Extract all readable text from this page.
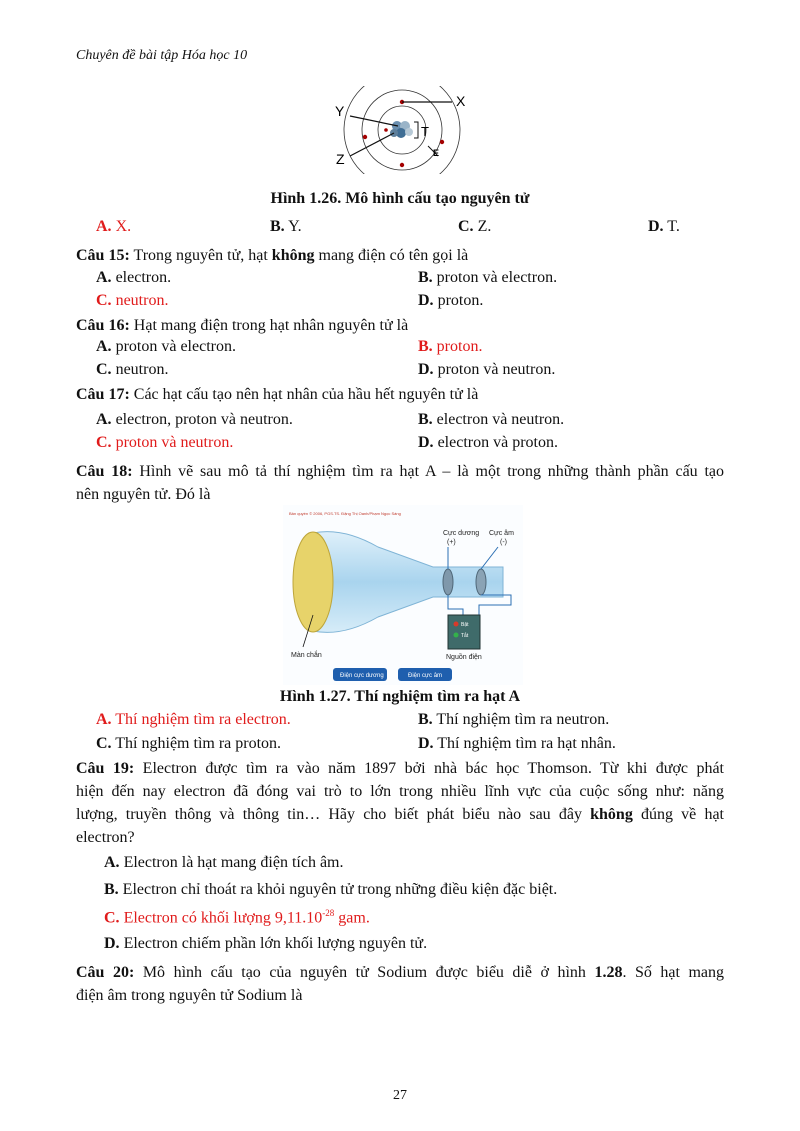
Chuyên đề bài tập Hóa học 10
X
Y
Z
T
E
Hình 1.26. Mô hình cấu tạo nguyên tử
A. X.	B. Y.	C. Z.	D. T.
Câu 15: Trong nguyên tử, hạt không mang điện có tên gọi là
A. electron.	B. proton và electron.
C. neutron.	D. proton.
Câu 16: Hạt mang điện trong hạt nhân nguyên tử là
A. proton và electron.	B. proton.
C. neutron.	D. proton và neutron.
Câu 17: Các hạt cấu tạo nên hạt nhân của hầu hết nguyên tử là
A. electron, proton và neutron.	B. electron và neutron.
C. proton và neutron.	D. electron và proton.
Câu 18: Hình vẽ sau mô tả thí nghiệm tìm ra hạt A – là một trong những thành phần cấu tạo
nên nguyên tử. Đó là
Bản quyền © 2006, PGS.TS. Đặng Thị Oanh/Phạm Ngọc Sáng
Cực dương
(+)
Cực âm
(-)
Bật
Tắt
Nguồn điện
Màn chắn
Điện cực dương	Điện cực âm
Hình 1.27. Thí nghiệm tìm ra hạt A
A. Thí nghiệm tìm ra electron.	B. Thí nghiệm tìm ra neutron.
C. Thí nghiệm tìm ra proton.	D. Thí nghiệm tìm ra hạt nhân.
Câu 19: Electron được tìm ra vào năm 1897 bởi nhà bác học Thomson. Từ khi được phát
hiện đến nay electron đã đóng vai trò to lớn trong nhiều lĩnh vực của cuộc sống như: năng
lượng, truyền thông và thông tin… Hãy cho biết phát biểu nào sau đây không đúng về hạt
electron?
A. Electron là hạt mang điện tích âm.
B. Electron chỉ thoát ra khỏi nguyên tử trong những điều kiện đặc biệt.
C. Electron có khối lượng $9,11.10^{-28}$ gam.
D. Electron chiếm phần lớn khối lượng nguyên tử.
Câu 20: Mô hình cấu tạo của nguyên tử Sodium được biểu diễ ở hình 1.28. Số hạt mang
điện âm trong nguyên tử Sodium là
27
